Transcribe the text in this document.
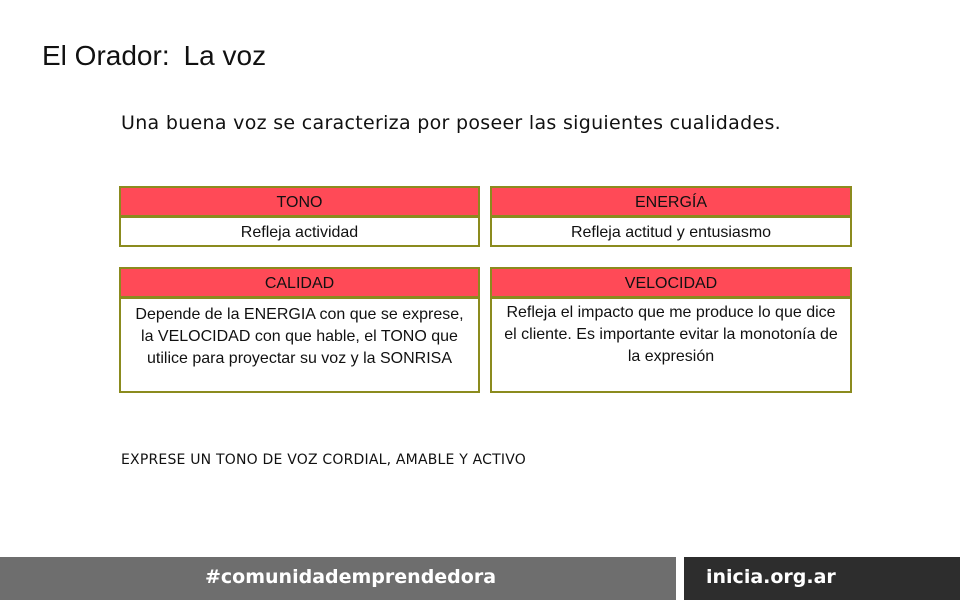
El Orador: La voz
Una buena voz se caracteriza por poseer las siguientes cualidades.
TONO
Refleja actividad
ENERGÍA
Refleja actitud y entusiasmo
CALIDAD
Depende de la ENERGIA con que se exprese, la VELOCIDAD con que hable, el TONO que utilice para proyectar su voz y la SONRISA
VELOCIDAD
Refleja el impacto que me produce lo que dice el cliente. Es importante evitar la monotonía de la expresión
EXPRESE UN TONO DE VOZ CORDIAL, AMABLE Y ACTIVO
#comunidademprendedora	inicia.org.ar
